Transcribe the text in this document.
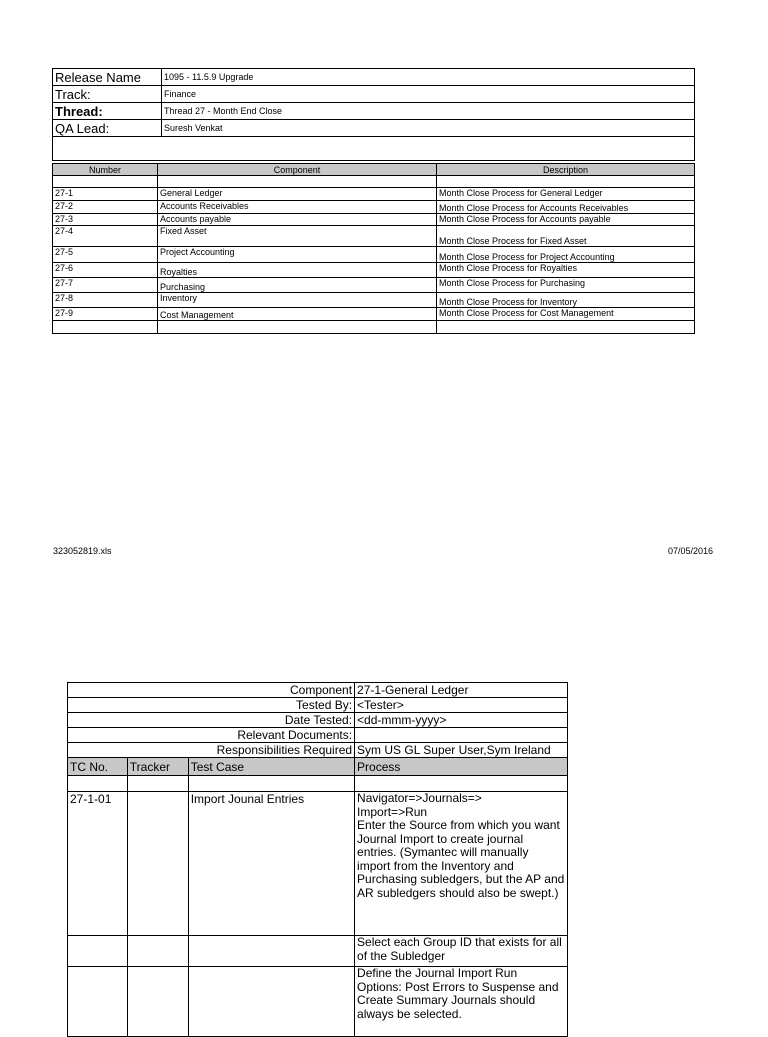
Release Name	1095 - 11.5.9 Upgrade
Track:	Finance
Thread:	Thread 27 - Month End Close
QA Lead:	Suresh Venkat

Number	Component	Description

27-1	General Ledger	Month Close Process for General Ledger
27-2	Accounts Receivables	Month Close Process for Accounts Receivables
27-3	Accounts payable	Month Close Process for Accounts payable
27-4	Fixed Asset	Month Close Process for Fixed Asset
27-5	Project Accounting	Month Close Process for Project Accounting
27-6	Royalties	Month Close Process for Royalties
27-7	Purchasing	Month Close Process for Purchasing
27-8	Inventory	Month Close Process for Inventory
27-9	Cost Management	Month Close Process for Cost Management

323052819.xls	07/05/2016
Component			27-1-General Ledger
Tested By:			<Tester>
Date Tested:			<dd-mmm-yyyy>
Relevant Documents:			
Responsibilities Required			Sym US GL Super User,Sym Ireland
TC No.	Tracker	Test Case	Process

27-1-01		Import Jounal Entries	Navigator=>Journals=>
Import=>Run
Enter the Source from which you want Journal Import to create journal entries. (Symantec will manually import from the Inventory and Purchasing subledgers, but the AP and AR subledgers should also be swept.)
			Select each Group ID that exists for all of the Subledger
			Define the Journal Import Run Options: Post Errors to Suspense and Create Summary Journals should always be selected.
